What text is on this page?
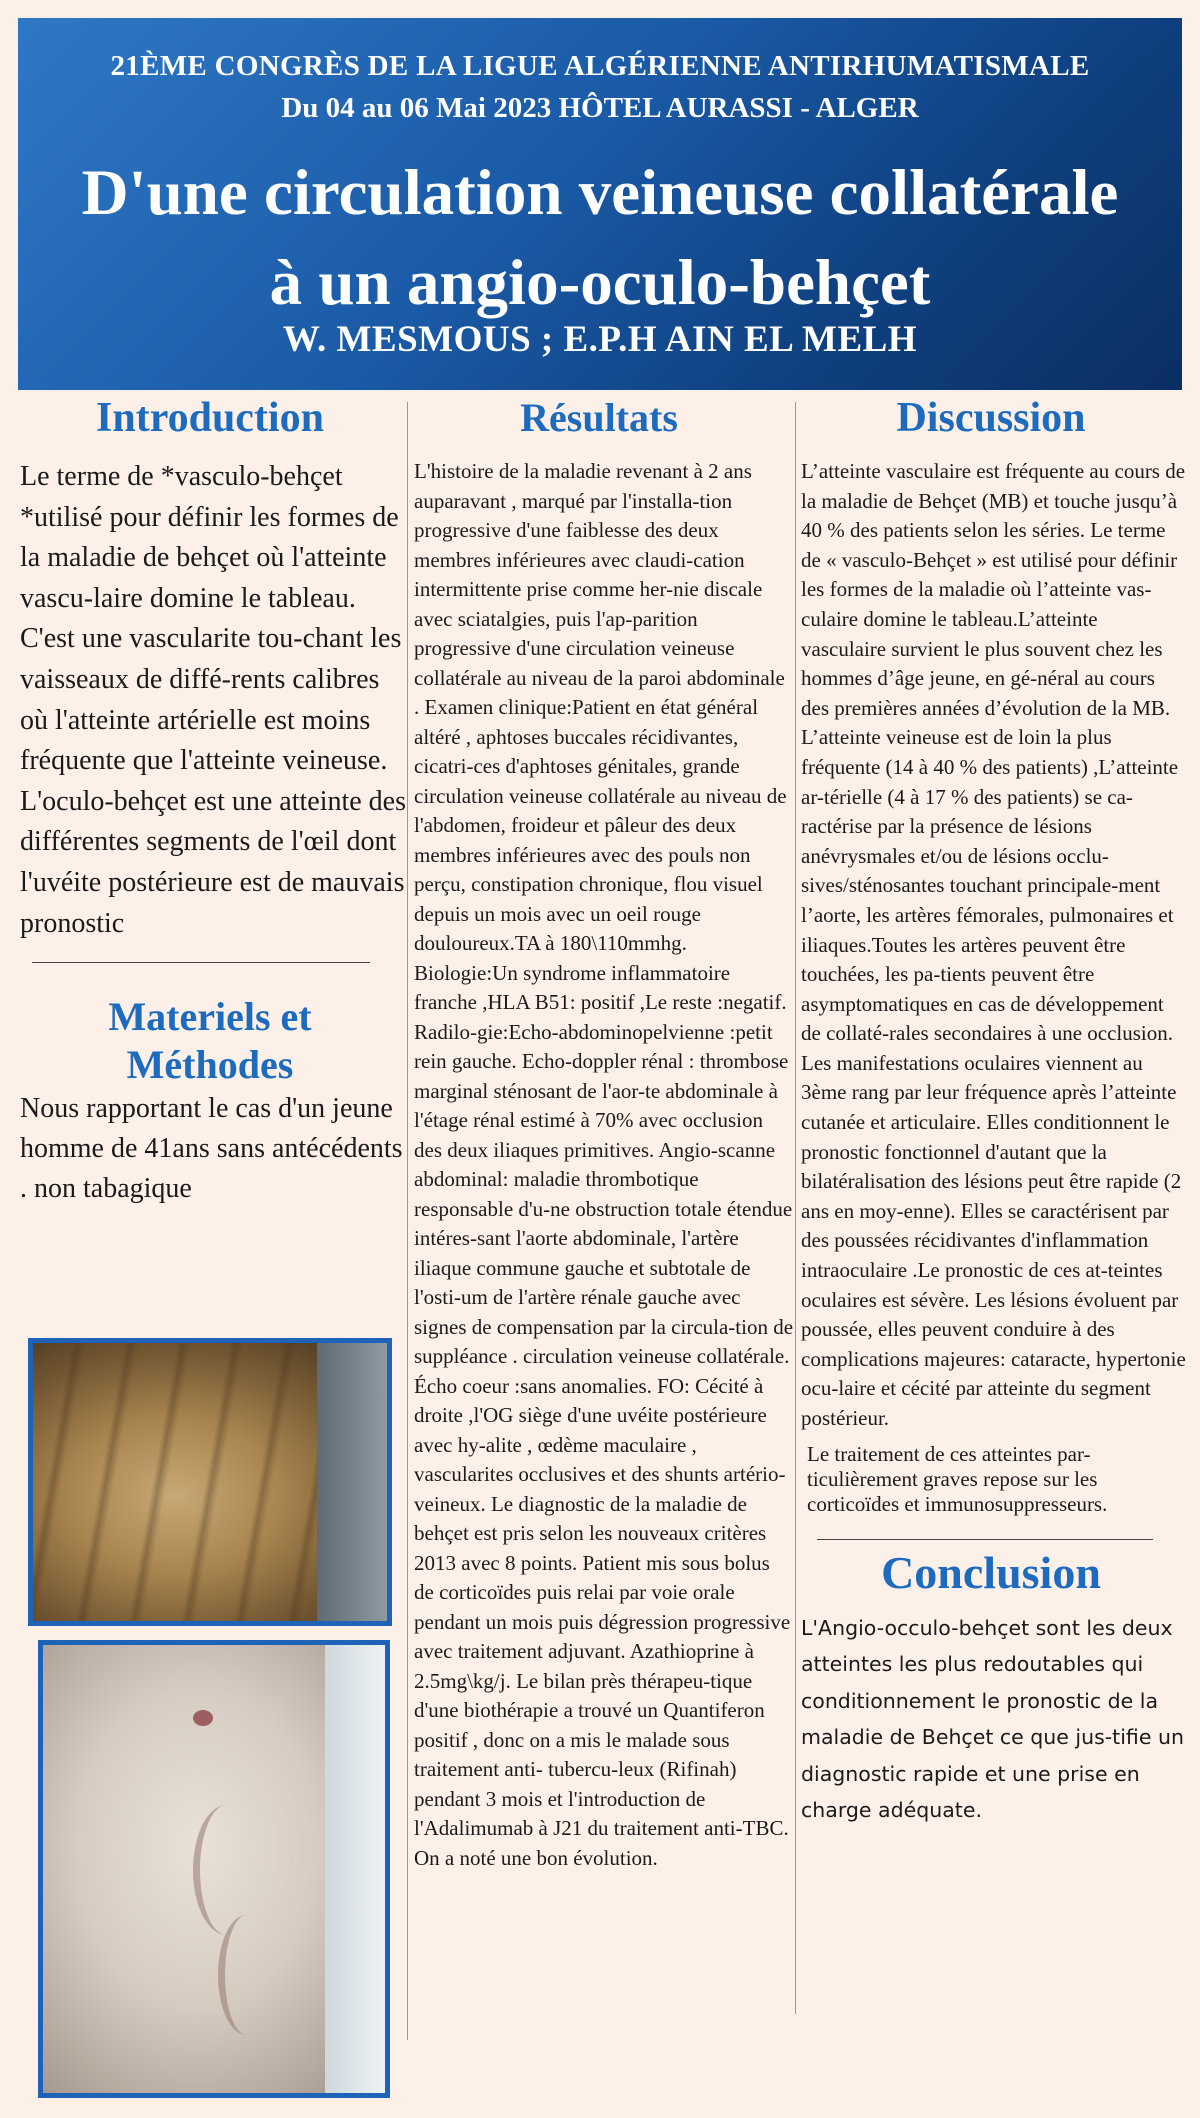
21ÈME CONGRÈS DE LA LIGUE ALGÉRIENNE ANTIRHUMATISMALE
Du 04 au 06 Mai 2023 HÔTEL AURASSI - ALGER
D'une circulation veineuse collatérale
à un angio-oculo-behçet
W. MESMOUS ; E.P.H AIN EL MELH
Introduction

Le terme de *vasculo-behçet *utilisé pour définir les formes de la maladie de behçet où l'atteinte vascu-laire domine le tableau. C'est une vascularite tou-chant les vaisseaux de diffé-rents calibres où l'atteinte artérielle est moins fréquente que l'atteinte veineuse. L'oculo-behçet est une atteinte des différentes segments de l'œil dont l'uvéite postérieure est de mauvais pronostic

Materiels et
Méthodes

Nous rapportant le cas d'un jeune homme de 41ans sans antécédents . non tabagique

Résultats

L'histoire de la maladie revenant à 2 ans auparavant , marqué par l'installa-tion progressive d'une faiblesse des deux membres inférieures avec claudi-cation intermittente prise comme her-nie discale avec sciatalgies, puis l'ap-parition progressive d'une circulation veineuse collatérale au niveau de la paroi abdominale . Examen clinique:Patient en état général altéré , aphtoses buccales récidivantes, cicatri-ces d'aphtoses génitales, grande circulation veineuse collatérale au niveau de l'abdomen, froideur et pâleur des deux membres inférieures avec des pouls non perçu, constipation chronique, flou visuel depuis un mois avec un oeil rouge douloureux.TA à 180\110mmhg. Biologie:Un syndrome inflammatoire franche ,HLA B51: positif ,Le reste :negatif. Radilo-gie:Echo-abdominopelvienne :petit rein gauche. Echo-doppler rénal : thrombose marginal sténosant de l'aor-te abdominale à l'étage rénal estimé à 70% avec occlusion des deux iliaques primitives. Angio-scanne abdominal: maladie thrombotique responsable d'u-ne obstruction totale étendue intéres-sant l'aorte abdominale, l'artère iliaque commune gauche et subtotale de l'osti-um de l'artère rénale gauche avec signes de compensation par la circula-tion de suppléance . circulation veineuse collatérale. Écho coeur :sans anomalies. FO: Cécité à droite ,l'OG siège d'une uvéite postérieure avec hy-alite , œdème maculaire , vascularites occlusives et des shunts artério-veineux. Le diagnostic de la maladie de behçet est pris selon les nouveaux critères 2013 avec 8 points. Patient mis sous bolus de corticoïdes puis relai par voie orale pendant un mois puis dégression progressive avec traitement adjuvant. Azathioprine à 2.5mg\kg/j. Le bilan près thérapeu-tique d'une biothérapie a trouvé un Quantiferon positif , donc on a mis le malade sous traitement anti- tubercu-leux (Rifinah) pendant 3 mois et l'introduction de l'Adalimumab à J21 du traitement anti-TBC. On a noté une bon évolution.

Discussion

L’atteinte vasculaire est fréquente au cours de la maladie de Behçet (MB) et touche jusqu’à 40 % des patients selon les séries. Le terme de « vasculo-Behçet » est utilisé pour définir les formes de la maladie où l’atteinte vas-culaire domine le tableau.L’atteinte vasculaire survient le plus souvent chez les hommes d’âge jeune, en gé-néral au cours des premières années d’évolution de la MB. L’atteinte veineuse est de loin la plus fréquente (14 à 40 % des patients) ,L’atteinte ar-térielle (4 à 17 % des patients) se ca-ractérise par la présence de lésions anévrysmales et/ou de lésions occlu-sives/sténosantes touchant principale-ment l’aorte, les artères fémorales, pulmonaires et iliaques.Toutes les artères peuvent être touchées, les pa-tients peuvent être asymptomatiques en cas de développement de collaté-rales secondaires à une occlusion.

Les manifestations oculaires viennent au 3ème rang par leur fréquence après l’atteinte cutanée et articulaire. Elles conditionnent le pronostic fonctionnel d'autant que la bilatéralisation des lésions peut être rapide (2 ans en moy-enne). Elles se caractérisent par des poussées récidivantes d'inflammation intraoculaire .Le pronostic de ces at-teintes oculaires est sévère. Les lésions évoluent par poussée, elles peuvent conduire à des complications majeures: cataracte, hypertonie ocu-laire et cécité par atteinte du segment postérieur.

Le traitement de ces atteintes par-ticulièrement graves repose sur les corticoïdes et immunosuppresseurs.

Conclusion

L'Angio-occulo-behçet sont les deux atteintes les plus redoutables qui conditionnement le pronostic de la maladie de Behçet ce que jus-tifie un diagnostic rapide et une prise en charge adéquate.
